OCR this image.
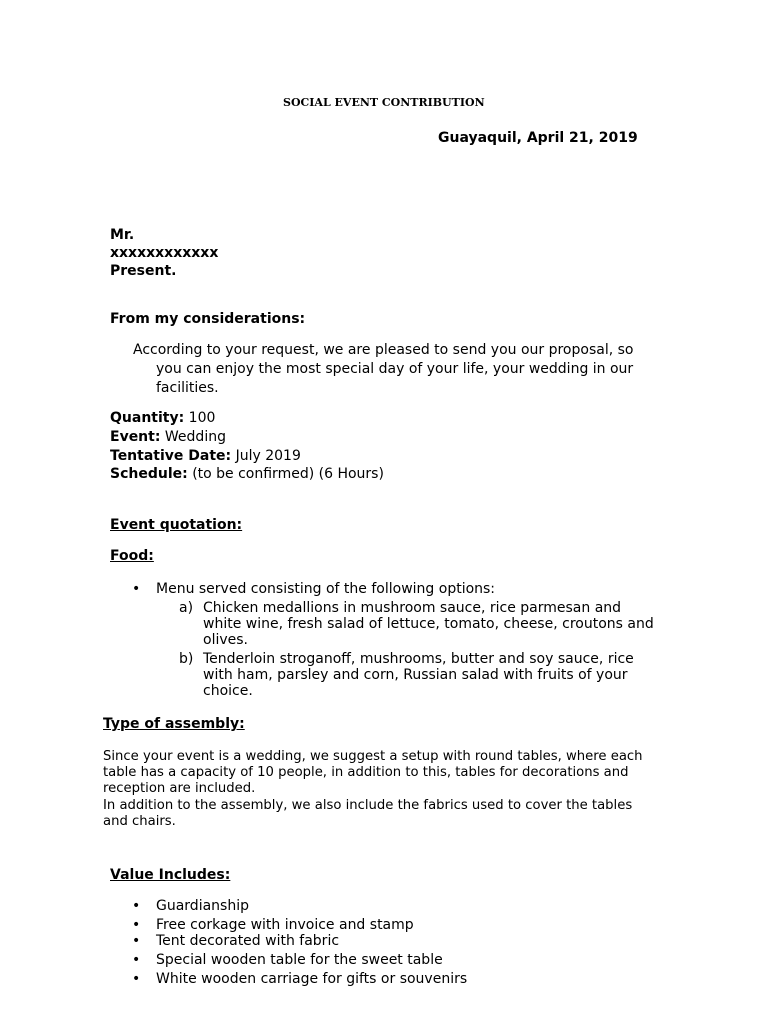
SOCIAL EVENT CONTRIBUTION
Guayaquil, April 21, 2019
Mr.
xxxxxxxxxxxx
Present.
From my considerations:
According to your request, we are pleased to send you our proposal, so
you can enjoy the most special day of your life, your wedding in our
facilities.
Quantity: 100
Event: Wedding
Tentative Date: July 2019
Schedule: (to be confirmed) (6 Hours)
Event quotation:
Food:
• Menu served consisting of the following options:
a) Chicken medallions in mushroom sauce, rice parmesan and
white wine, fresh salad of lettuce, tomato, cheese, croutons and
olives.
b) Tenderloin stroganoff, mushrooms, butter and soy sauce, rice
with ham, parsley and corn, Russian salad with fruits of your
choice.
Type of assembly:
Since your event is a wedding, we suggest a setup with round tables, where each
table has a capacity of 10 people, in addition to this, tables for decorations and
reception are included.
In addition to the assembly, we also include the fabrics used to cover the tables
and chairs.
Value Includes:
• Guardianship
• Free corkage with invoice and stamp
• Tent decorated with fabric
• Special wooden table for the sweet table
• White wooden carriage for gifts or souvenirs
